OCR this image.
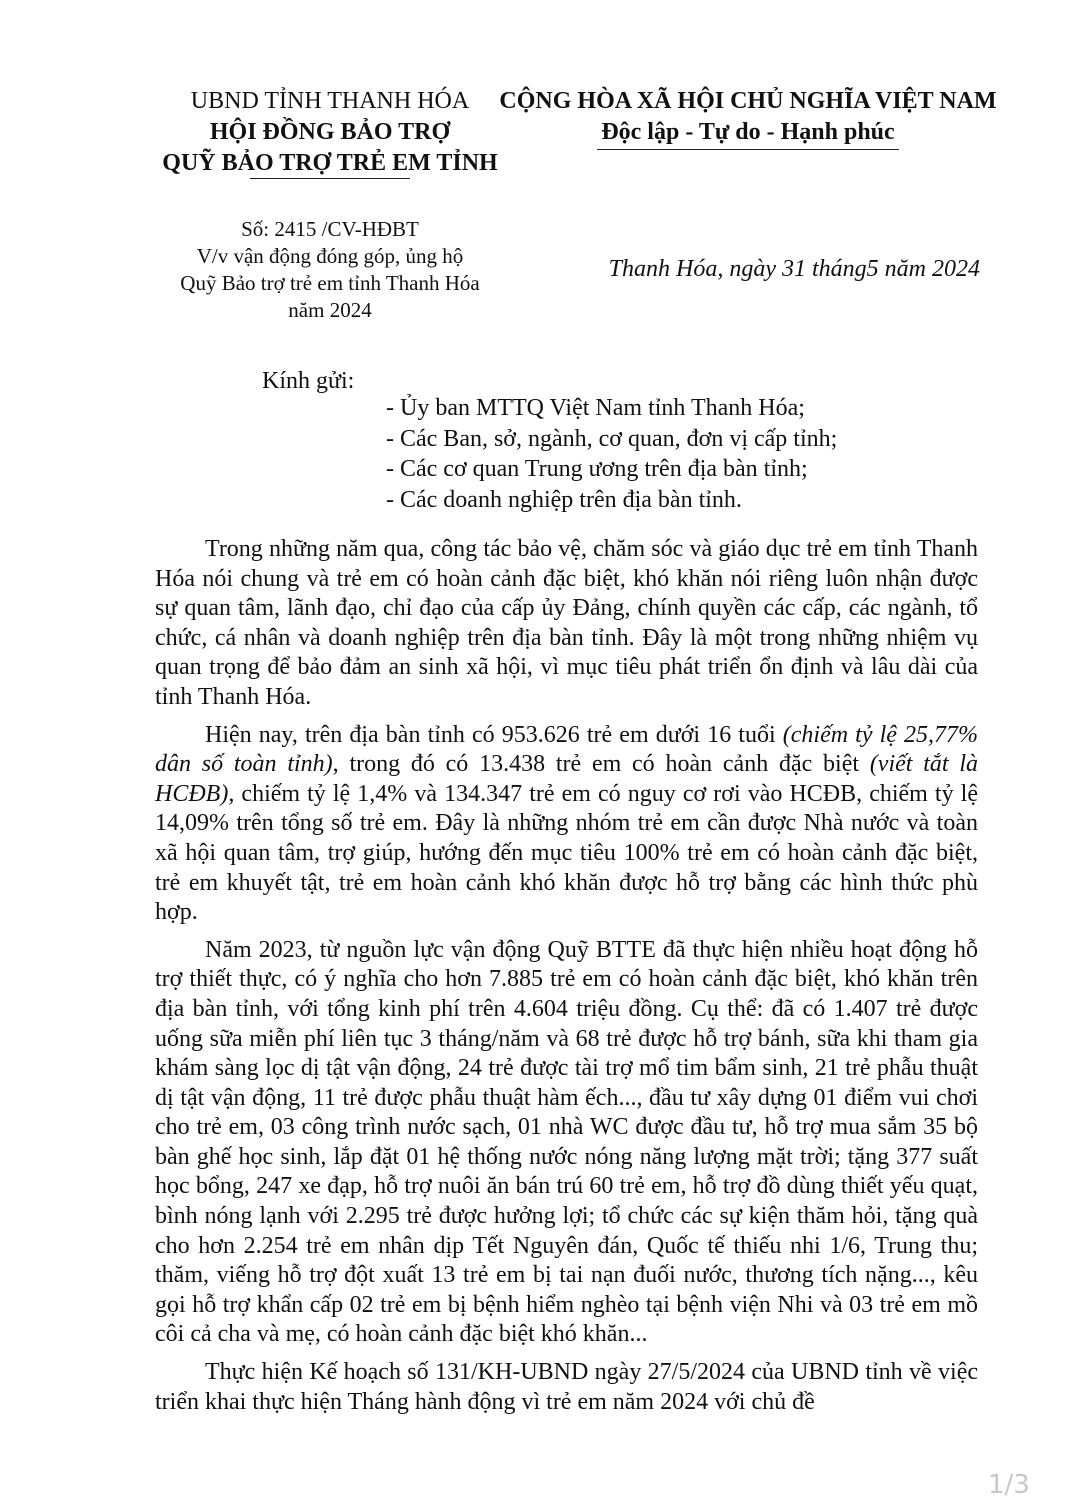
UBND TỈNH THANH HÓA
HỘI ĐỒNG BẢO TRỢ
QUỸ BẢO TRỢ TRẺ EM TỈNH
CỘNG HÒA XÃ HỘI CHỦ NGHĨA VIỆT NAM
Độc lập - Tự do - Hạnh phúc
Số: 2415 /CV-HĐBT
V/v vận động đóng góp, ủng hộ
Quỹ Bảo trợ trẻ em tỉnh Thanh Hóa
năm 2024
Thanh Hóa, ngày 31 tháng5 năm 2024
Kính gửi:
- Ủy ban MTTQ Việt Nam tỉnh Thanh Hóa;
- Các Ban, sở, ngành, cơ quan, đơn vị cấp tỉnh;
- Các cơ quan Trung ương trên địa bàn tỉnh;
- Các doanh nghiệp trên địa bàn tỉnh.

Trong những năm qua, công tác bảo vệ, chăm sóc và giáo dục trẻ em tỉnh Thanh Hóa nói chung và trẻ em có hoàn cảnh đặc biệt, khó khăn nói riêng luôn nhận được sự quan tâm, lãnh đạo, chỉ đạo của cấp ủy Đảng, chính quyền các cấp, các ngành, tổ chức, cá nhân và doanh nghiệp trên địa bàn tỉnh. Đây là một trong những nhiệm vụ quan trọng để bảo đảm an sinh xã hội, vì mục tiêu phát triển ổn định và lâu dài của tỉnh Thanh Hóa.

Hiện nay, trên địa bàn tỉnh có 953.626 trẻ em dưới 16 tuổi (chiếm tỷ lệ 25,77% dân số toàn tỉnh), trong đó có 13.438 trẻ em có hoàn cảnh đặc biệt (viết tắt là HCĐB), chiếm tỷ lệ 1,4% và 134.347 trẻ em có nguy cơ rơi vào HCĐB, chiếm tỷ lệ 14,09% trên tổng số trẻ em. Đây là những nhóm trẻ em cần được Nhà nước và toàn xã hội quan tâm, trợ giúp, hướng đến mục tiêu 100% trẻ em có hoàn cảnh đặc biệt, trẻ em khuyết tật, trẻ em hoàn cảnh khó khăn được hỗ trợ bằng các hình thức phù hợp.

Năm 2023, từ nguồn lực vận động Quỹ BTTE đã thực hiện nhiều hoạt động hỗ trợ thiết thực, có ý nghĩa cho hơn 7.885 trẻ em có hoàn cảnh đặc biệt, khó khăn trên địa bàn tỉnh, với tổng kinh phí trên 4.604 triệu đồng. Cụ thể: đã có 1.407 trẻ được uống sữa miễn phí liên tục 3 tháng/năm và 68 trẻ được hỗ trợ bánh, sữa khi tham gia khám sàng lọc dị tật vận động, 24 trẻ được tài trợ mổ tim bẩm sinh, 21 trẻ phẫu thuật dị tật vận động, 11 trẻ được phẫu thuật hàm ếch..., đầu tư xây dựng 01 điểm vui chơi cho trẻ em, 03 công trình nước sạch, 01 nhà WC được đầu tư, hỗ trợ mua sắm 35 bộ bàn ghế học sinh, lắp đặt 01 hệ thống nước nóng năng lượng mặt trời; tặng 377 suất học bổng, 247 xe đạp, hỗ trợ nuôi ăn bán trú 60 trẻ em, hỗ trợ đồ dùng thiết yếu quạt, bình nóng lạnh với 2.295 trẻ được hưởng lợi; tổ chức các sự kiện thăm hỏi, tặng quà cho hơn 2.254 trẻ em nhân dịp Tết Nguyên đán, Quốc tế thiếu nhi 1/6, Trung thu; thăm, viếng hỗ trợ đột xuất 13 trẻ em bị tai nạn đuối nước, thương tích nặng..., kêu gọi hỗ trợ khẩn cấp 02 trẻ em bị bệnh hiểm nghèo tại bệnh viện Nhi và 03 trẻ em mồ côi cả cha và mẹ, có hoàn cảnh đặc biệt khó khăn...

Thực hiện Kế hoạch số 131/KH-UBND ngày 27/5/2024 của UBND tỉnh về việc triển khai thực hiện Tháng hành động vì trẻ em năm 2024 với chủ đề

1/3
